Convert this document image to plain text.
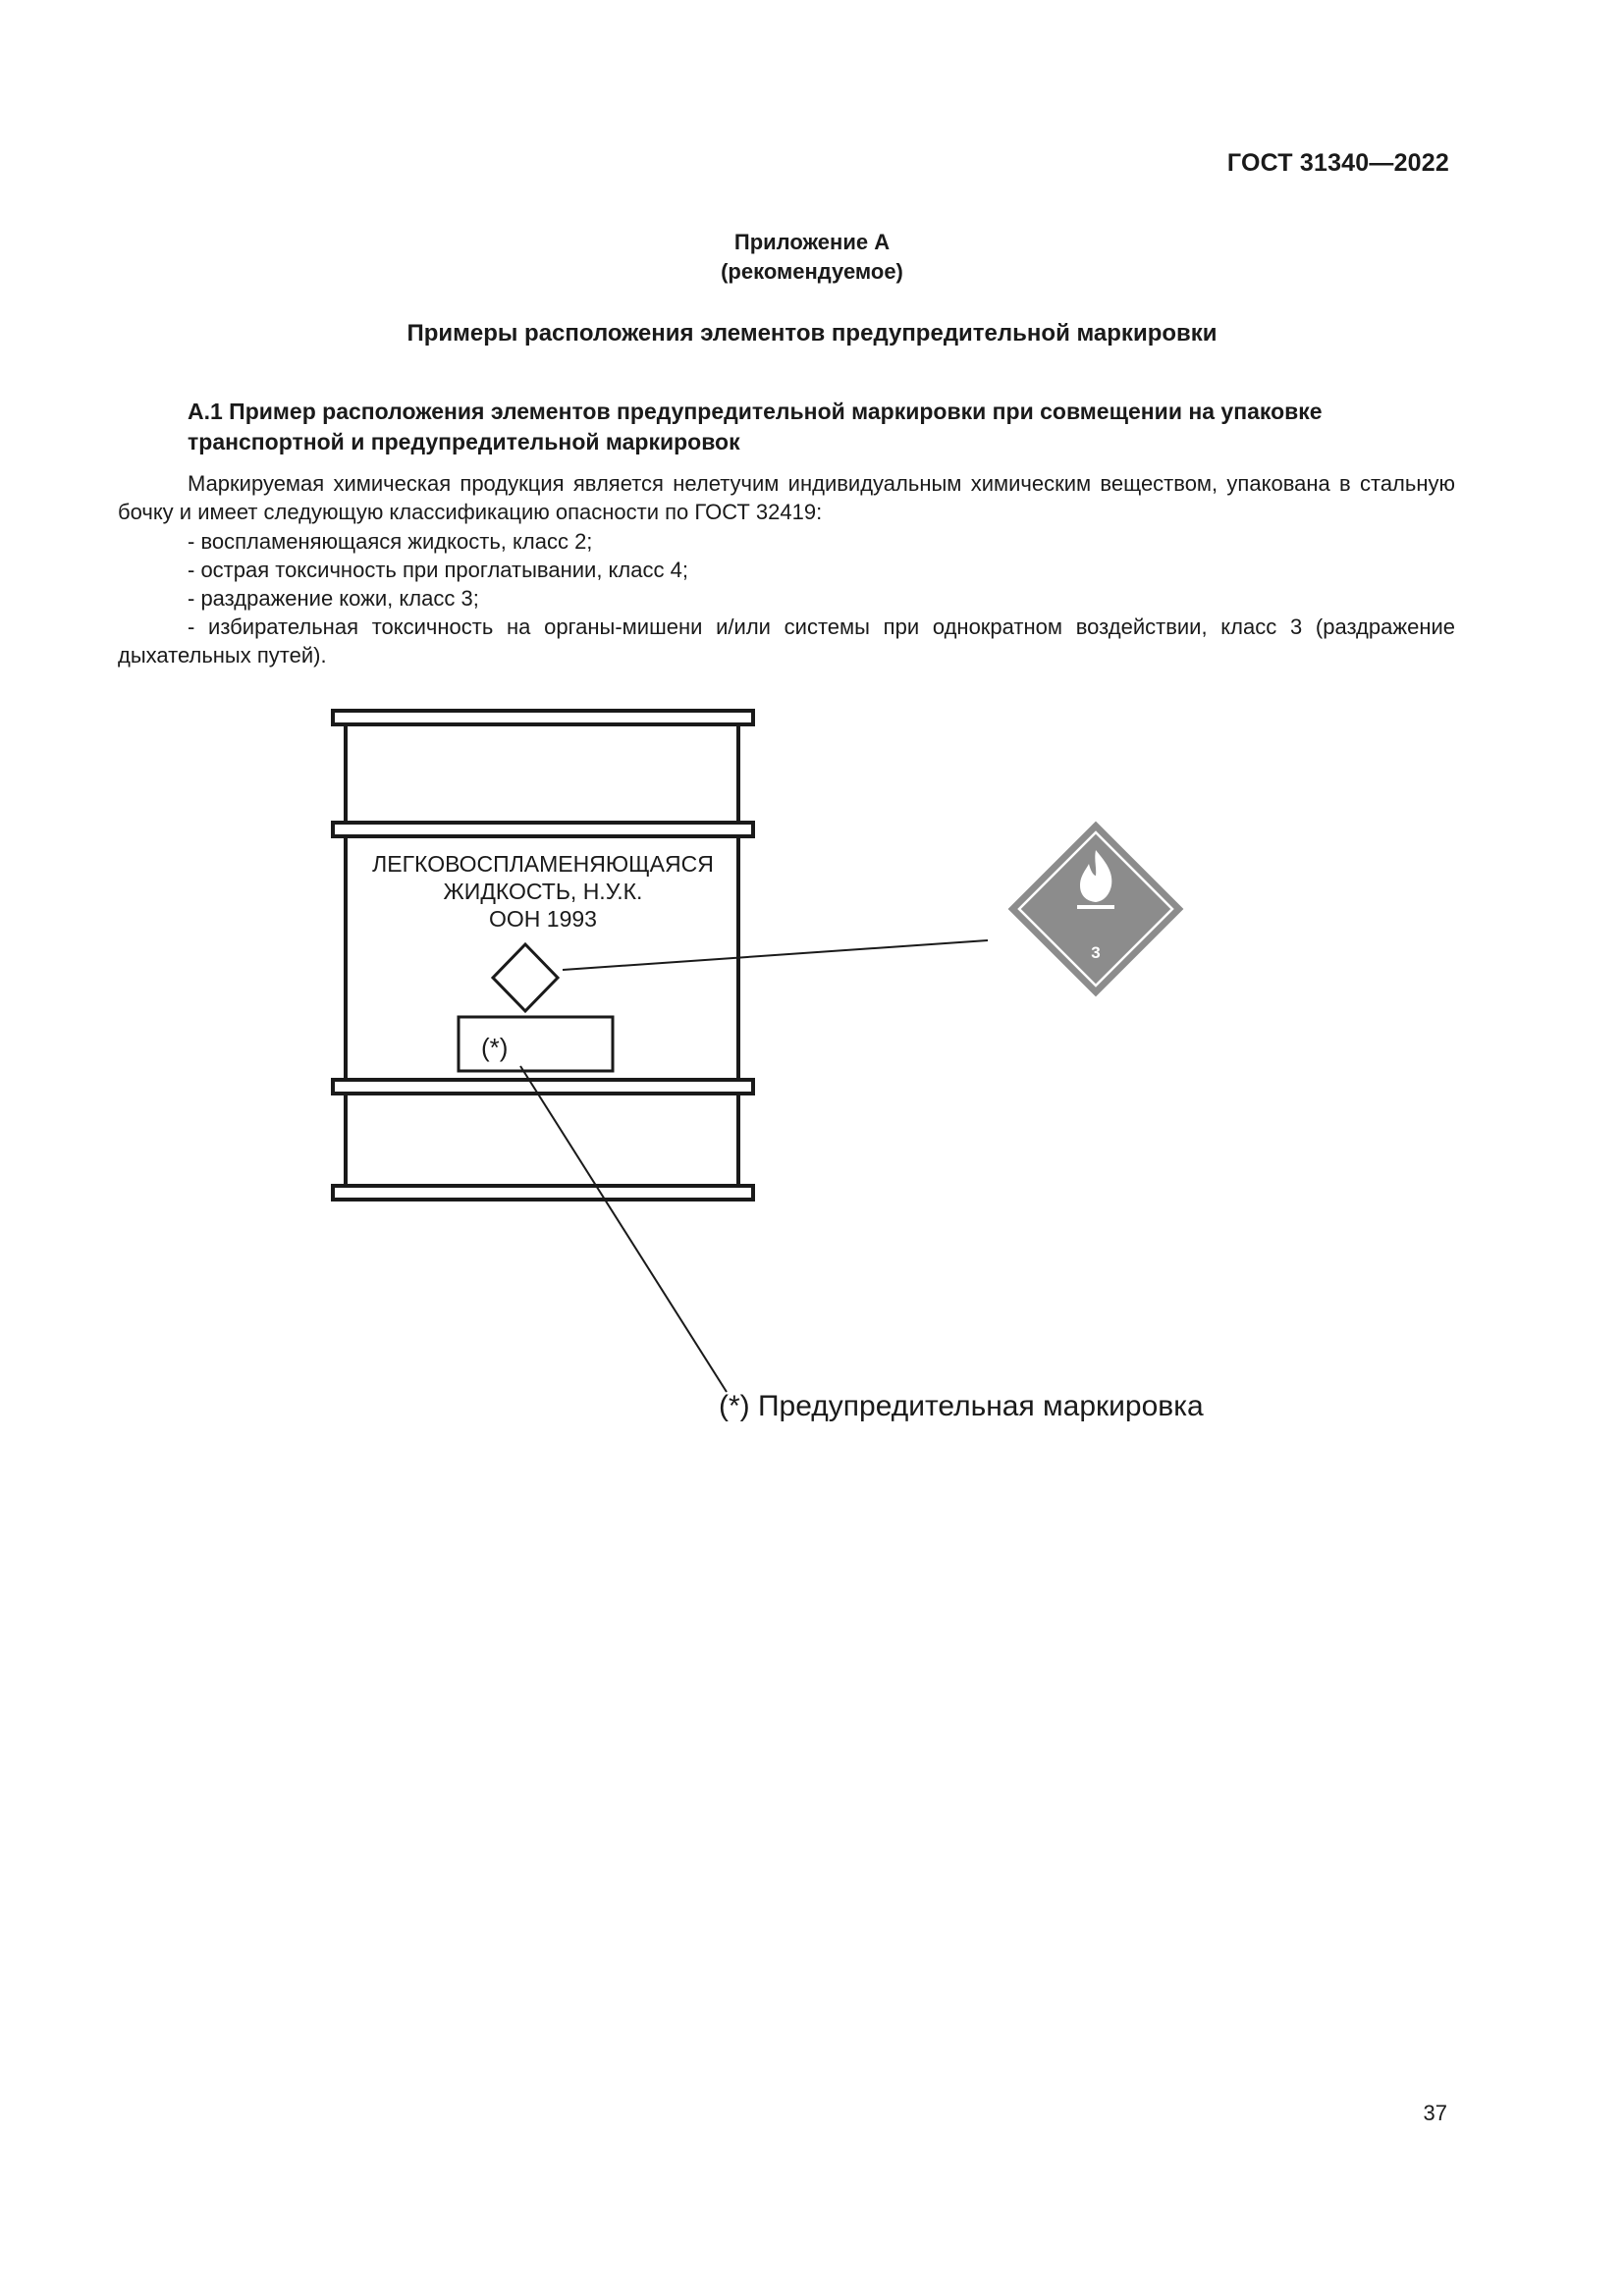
ГОСТ 31340—2022
Приложение А
(рекомендуемое)
Примеры расположения элементов предупредительной маркировки
А.1 Пример расположения элементов предупредительной маркировки при совмещении на упаковке транспортной и предупредительной маркировок
Маркируемая химическая продукция является нелетучим индивидуальным химическим веществом, упакована в стальную бочку и имеет следующую классификацию опасности по ГОСТ 32419:
- воспламеняющаяся жидкость, класс 2;
- острая токсичность при проглатывании, класс 4;
- раздражение кожи, класс 3;
- избирательная токсичность на органы-мишени и/или системы при однократном воздействии, класс 3 (раздражение дыхательных путей).
ЛЕГКОВОСПЛАМЕНЯЮЩАЯСЯ
ЖИДКОСТЬ, Н.У.К.
ООН 1993
(*)
3
(*) Предупредительная маркировка
37
